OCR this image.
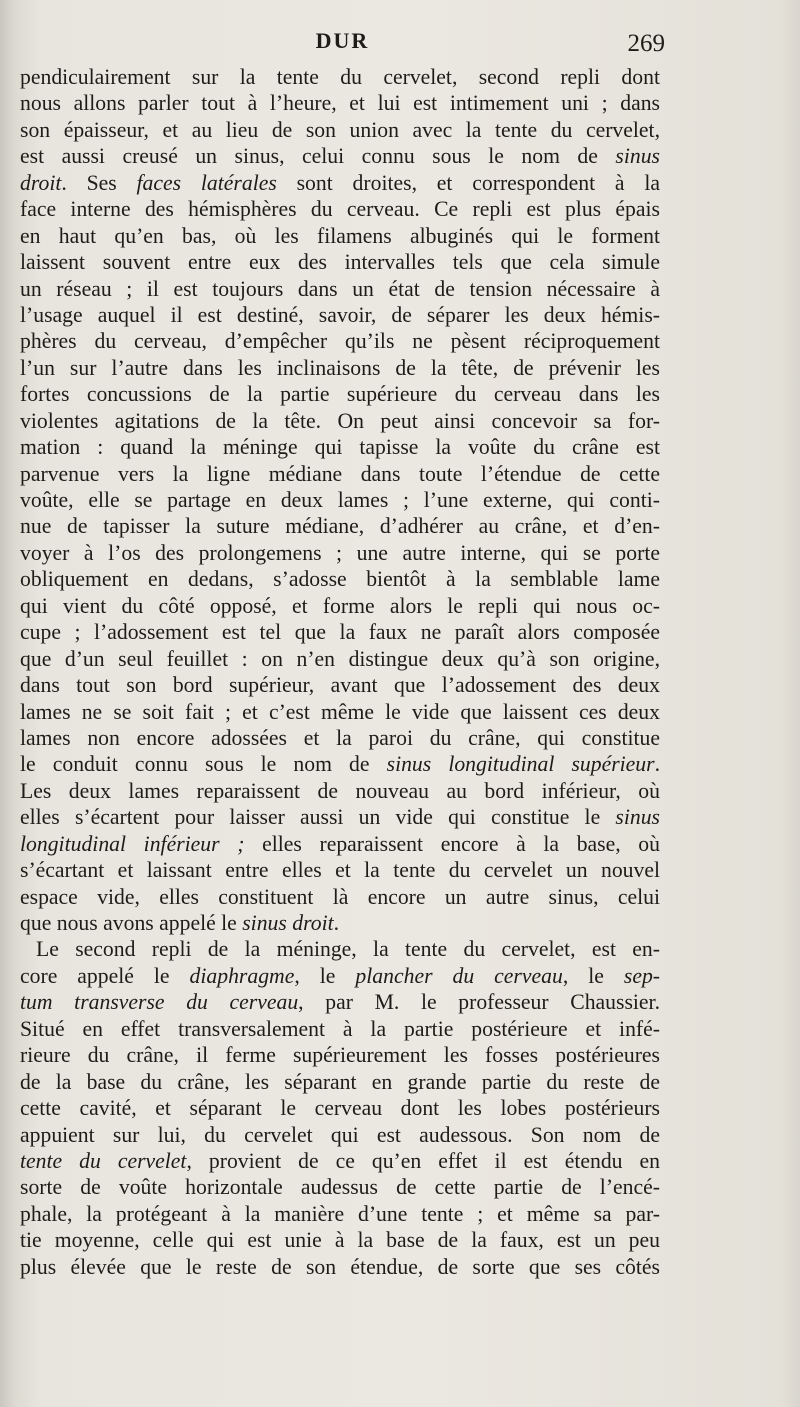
DUR	269
pendiculairement sur la tente du cervelet, second repli dont
nous allons parler tout à l’heure, et lui est intimement uni ; dans
son épaisseur, et au lieu de son union avec la tente du cervelet,
est aussi creusé un sinus, celui connu sous le nom de sinus
droit. Ses faces latérales sont droites, et correspondent à la
face interne des hémisphères du cerveau. Ce repli est plus épais
en haut qu’en bas, où les filamens albuginés qui le forment
laissent souvent entre eux des intervalles tels que cela simule
un réseau ; il est toujours dans un état de tension nécessaire à
l’usage auquel il est destiné, savoir, de séparer les deux hémis-
phères du cerveau, d’empêcher qu’ils ne pèsent réciproquement
l’un sur l’autre dans les inclinaisons de la tête, de prévenir les
fortes concussions de la partie supérieure du cerveau dans les
violentes agitations de la tête. On peut ainsi concevoir sa for-
mation : quand la méninge qui tapisse la voûte du crâne est
parvenue vers la ligne médiane dans toute l’étendue de cette
voûte, elle se partage en deux lames ; l’une externe, qui conti-
nue de tapisser la suture médiane, d’adhérer au crâne, et d’en-
voyer à l’os des prolongemens ; une autre interne, qui se porte
obliquement en dedans, s’adosse bientôt à la semblable lame
qui vient du côté opposé, et forme alors le repli qui nous oc-
cupe ; l’adossement est tel que la faux ne paraît alors composée
que d’un seul feuillet : on n’en distingue deux qu’à son origine,
dans tout son bord supérieur, avant que l’adossement des deux
lames ne se soit fait ; et c’est même le vide que laissent ces deux
lames non encore adossées et la paroi du crâne, qui constitue
le conduit connu sous le nom de sinus longitudinal supérieur.
Les deux lames reparaissent de nouveau au bord inférieur, où
elles s’écartent pour laisser aussi un vide qui constitue le sinus
longitudinal inférieur ; elles reparaissent encore à la base, où
s’écartant et laissant entre elles et la tente du cervelet un nouvel
espace vide, elles constituent là encore un autre sinus, celui
que nous avons appelé le sinus droit.
Le second repli de la méninge, la tente du cervelet, est en-
core appelé le diaphragme, le plancher du cerveau, le sep-
tum transverse du cerveau, par M. le professeur Chaussier.
Situé en effet transversalement à la partie postérieure et infé-
rieure du crâne, il ferme supérieurement les fosses postérieures
de la base du crâne, les séparant en grande partie du reste de
cette cavité, et séparant le cerveau dont les lobes postérieurs
appuient sur lui, du cervelet qui est audessous. Son nom de
tente du cervelet, provient de ce qu’en effet il est étendu en
sorte de voûte horizontale audessus de cette partie de l’encé-
phale, la protégeant à la manière d’une tente ; et même sa par-
tie moyenne, celle qui est unie à la base de la faux, est un peu
plus élevée que le reste de son étendue, de sorte que ses côtés
